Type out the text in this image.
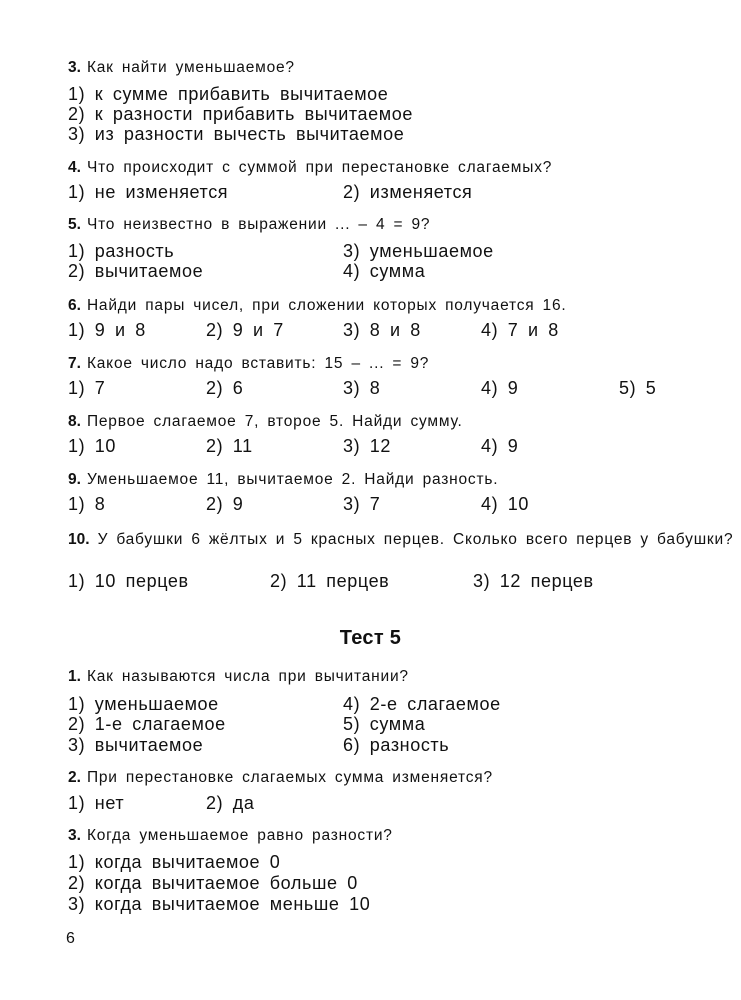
3. Как найти уменьшаемое?
1) к сумме прибавить вычитаемое
2) к разности прибавить вычитаемое
3) из разности вычесть вычитаемое
4. Что происходит с суммой при перестановке слагаемых?
1) не изменяется	2) изменяется
5. Что неизвестно в выражении ... – 4 = 9?
1) разность	3) уменьшаемое
2) вычитаемое	4) сумма
6. Найди пары чисел, при сложении которых получается 16.
1) 9 и 8	2) 9 и 7	3) 8 и 8	4) 7 и 8
7. Какое число надо вставить: 15 – ... = 9?
1) 7	2) 6	3) 8	4) 9	5) 5
8. Первое слагаемое 7, второе 5. Найди сумму.
1) 10	2) 11	3) 12	4) 9
9. Уменьшаемое 11, вычитаемое 2. Найди разность.
1) 8	2) 9	3) 7	4) 10
10. У бабушки 6 жёлтых и 5 красных перцев. Сколько всего перцев у бабушки?
1) 10 перцев	2) 11 перцев	3) 12 перцев
Тест 5
1. Как называются числа при вычитании?
1) уменьшаемое	4) 2-е слагаемое
2) 1-е слагаемое	5) сумма
3) вычитаемое	6) разность
2. При перестановке слагаемых сумма изменяется?
1) нет	2) да
3. Когда уменьшаемое равно разности?
1) когда вычитаемое 0
2) когда вычитаемое больше 0
3) когда вычитаемое меньше 10
6
